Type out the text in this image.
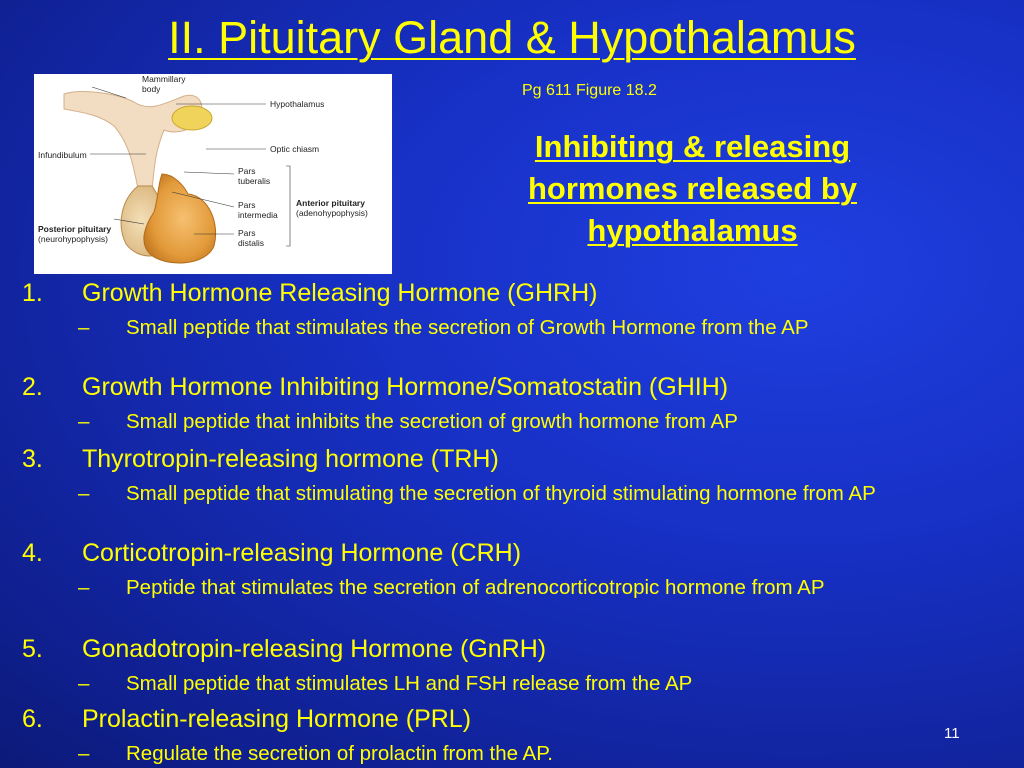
II. Pituitary Gland & Hypothalamus
Mammillary body
Hypothalamus
Infundibulum
Optic chiasm
Pars tuberalis
Pars intermedia
Pars distalis
Anterior pituitary (adenohypophysis)
Posterior pituitary (neurohypophysis)
Pg 611 Figure 18.2
Inhibiting & releasing
hormones released by
hypothalamus
1. Growth Hormone Releasing Hormone (GHRH)
– Small peptide that stimulates the secretion of Growth Hormone from the AP
2. Growth Hormone Inhibiting Hormone/Somatostatin (GHIH)
– Small peptide that inhibits the secretion of growth hormone from AP
3. Thyrotropin-releasing hormone (TRH)
– Small peptide that stimulating the secretion of thyroid stimulating hormone from AP
4. Corticotropin-releasing Hormone (CRH)
– Peptide that stimulates the secretion of adrenocorticotropic hormone from AP
5. Gonadotropin-releasing Hormone (GnRH)
– Small peptide that stimulates LH and FSH release from the AP
6. Prolactin-releasing Hormone (PRL)
– Regulate the secretion of prolactin from the AP.
11
